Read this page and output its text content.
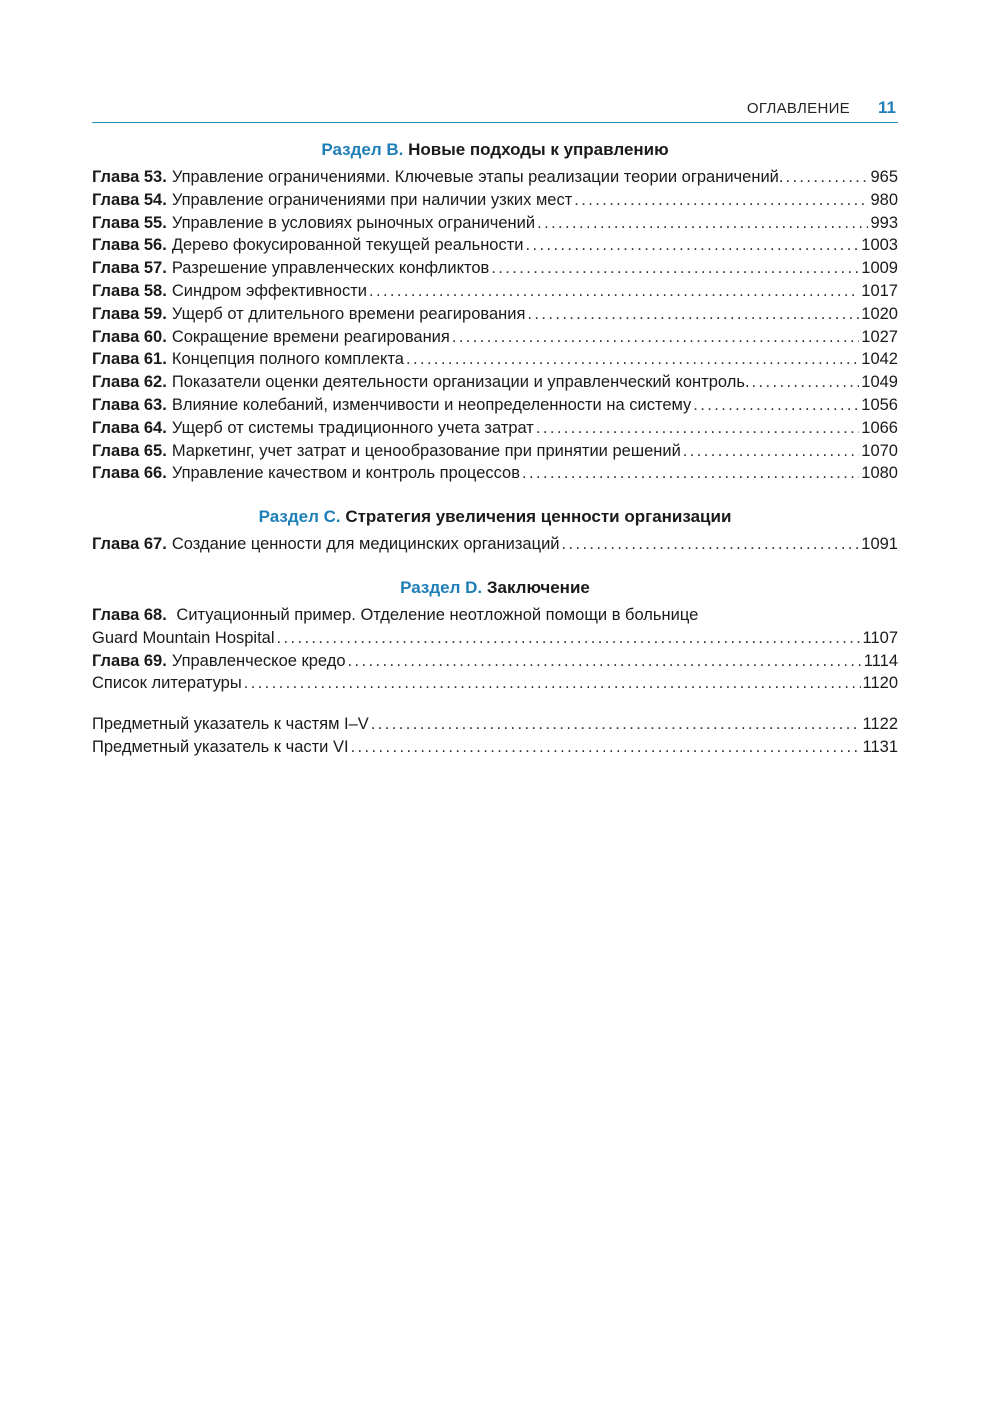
ОГЛАВЛЕНИЕ 11
Раздел B. Новые подходы к управлению
Глава 53. Управление ограничениями. Ключевые этапы реализации теории ограничений. .....	965
Глава 54. Управление ограничениями при наличии узких мест .....	980
Глава 55. Управление в условиях рыночных ограничений .....	993
Глава 56. Дерево фокусированной текущей реальности .....	1003
Глава 57. Разрешение управленческих конфликтов .....	1009
Глава 58. Синдром эффективности .....	1017
Глава 59. Ущерб от длительного времени реагирования .....	1020
Глава 60. Сокращение времени реагирования .....	1027
Глава 61. Концепция полного комплекта .....	1042
Глава 62. Показатели оценки деятельности организации и управленческий контроль. .....	1049
Глава 63. Влияние колебаний, изменчивости и неопределенности на систему .....	1056
Глава 64. Ущерб от системы традиционного учета затрат .....	1066
Глава 65. Маркетинг, учет затрат и ценообразование при принятии решений .....	1070
Глава 66. Управление качеством и контроль процессов .....	1080
Раздел C. Стратегия увеличения ценности организации
Глава 67. Создание ценности для медицинских организаций .....	1091
Раздел D. Заключение
Глава 68. Ситуационный пример. Отделение неотложной помощи в больнице
Guard Mountain Hospital .....	1107
Глава 69. Управленческое кредо .....	1114
Список литературы .....	1120
Предметный указатель к частям I–V .....	1122
Предметный указатель к части VI .....	1131
